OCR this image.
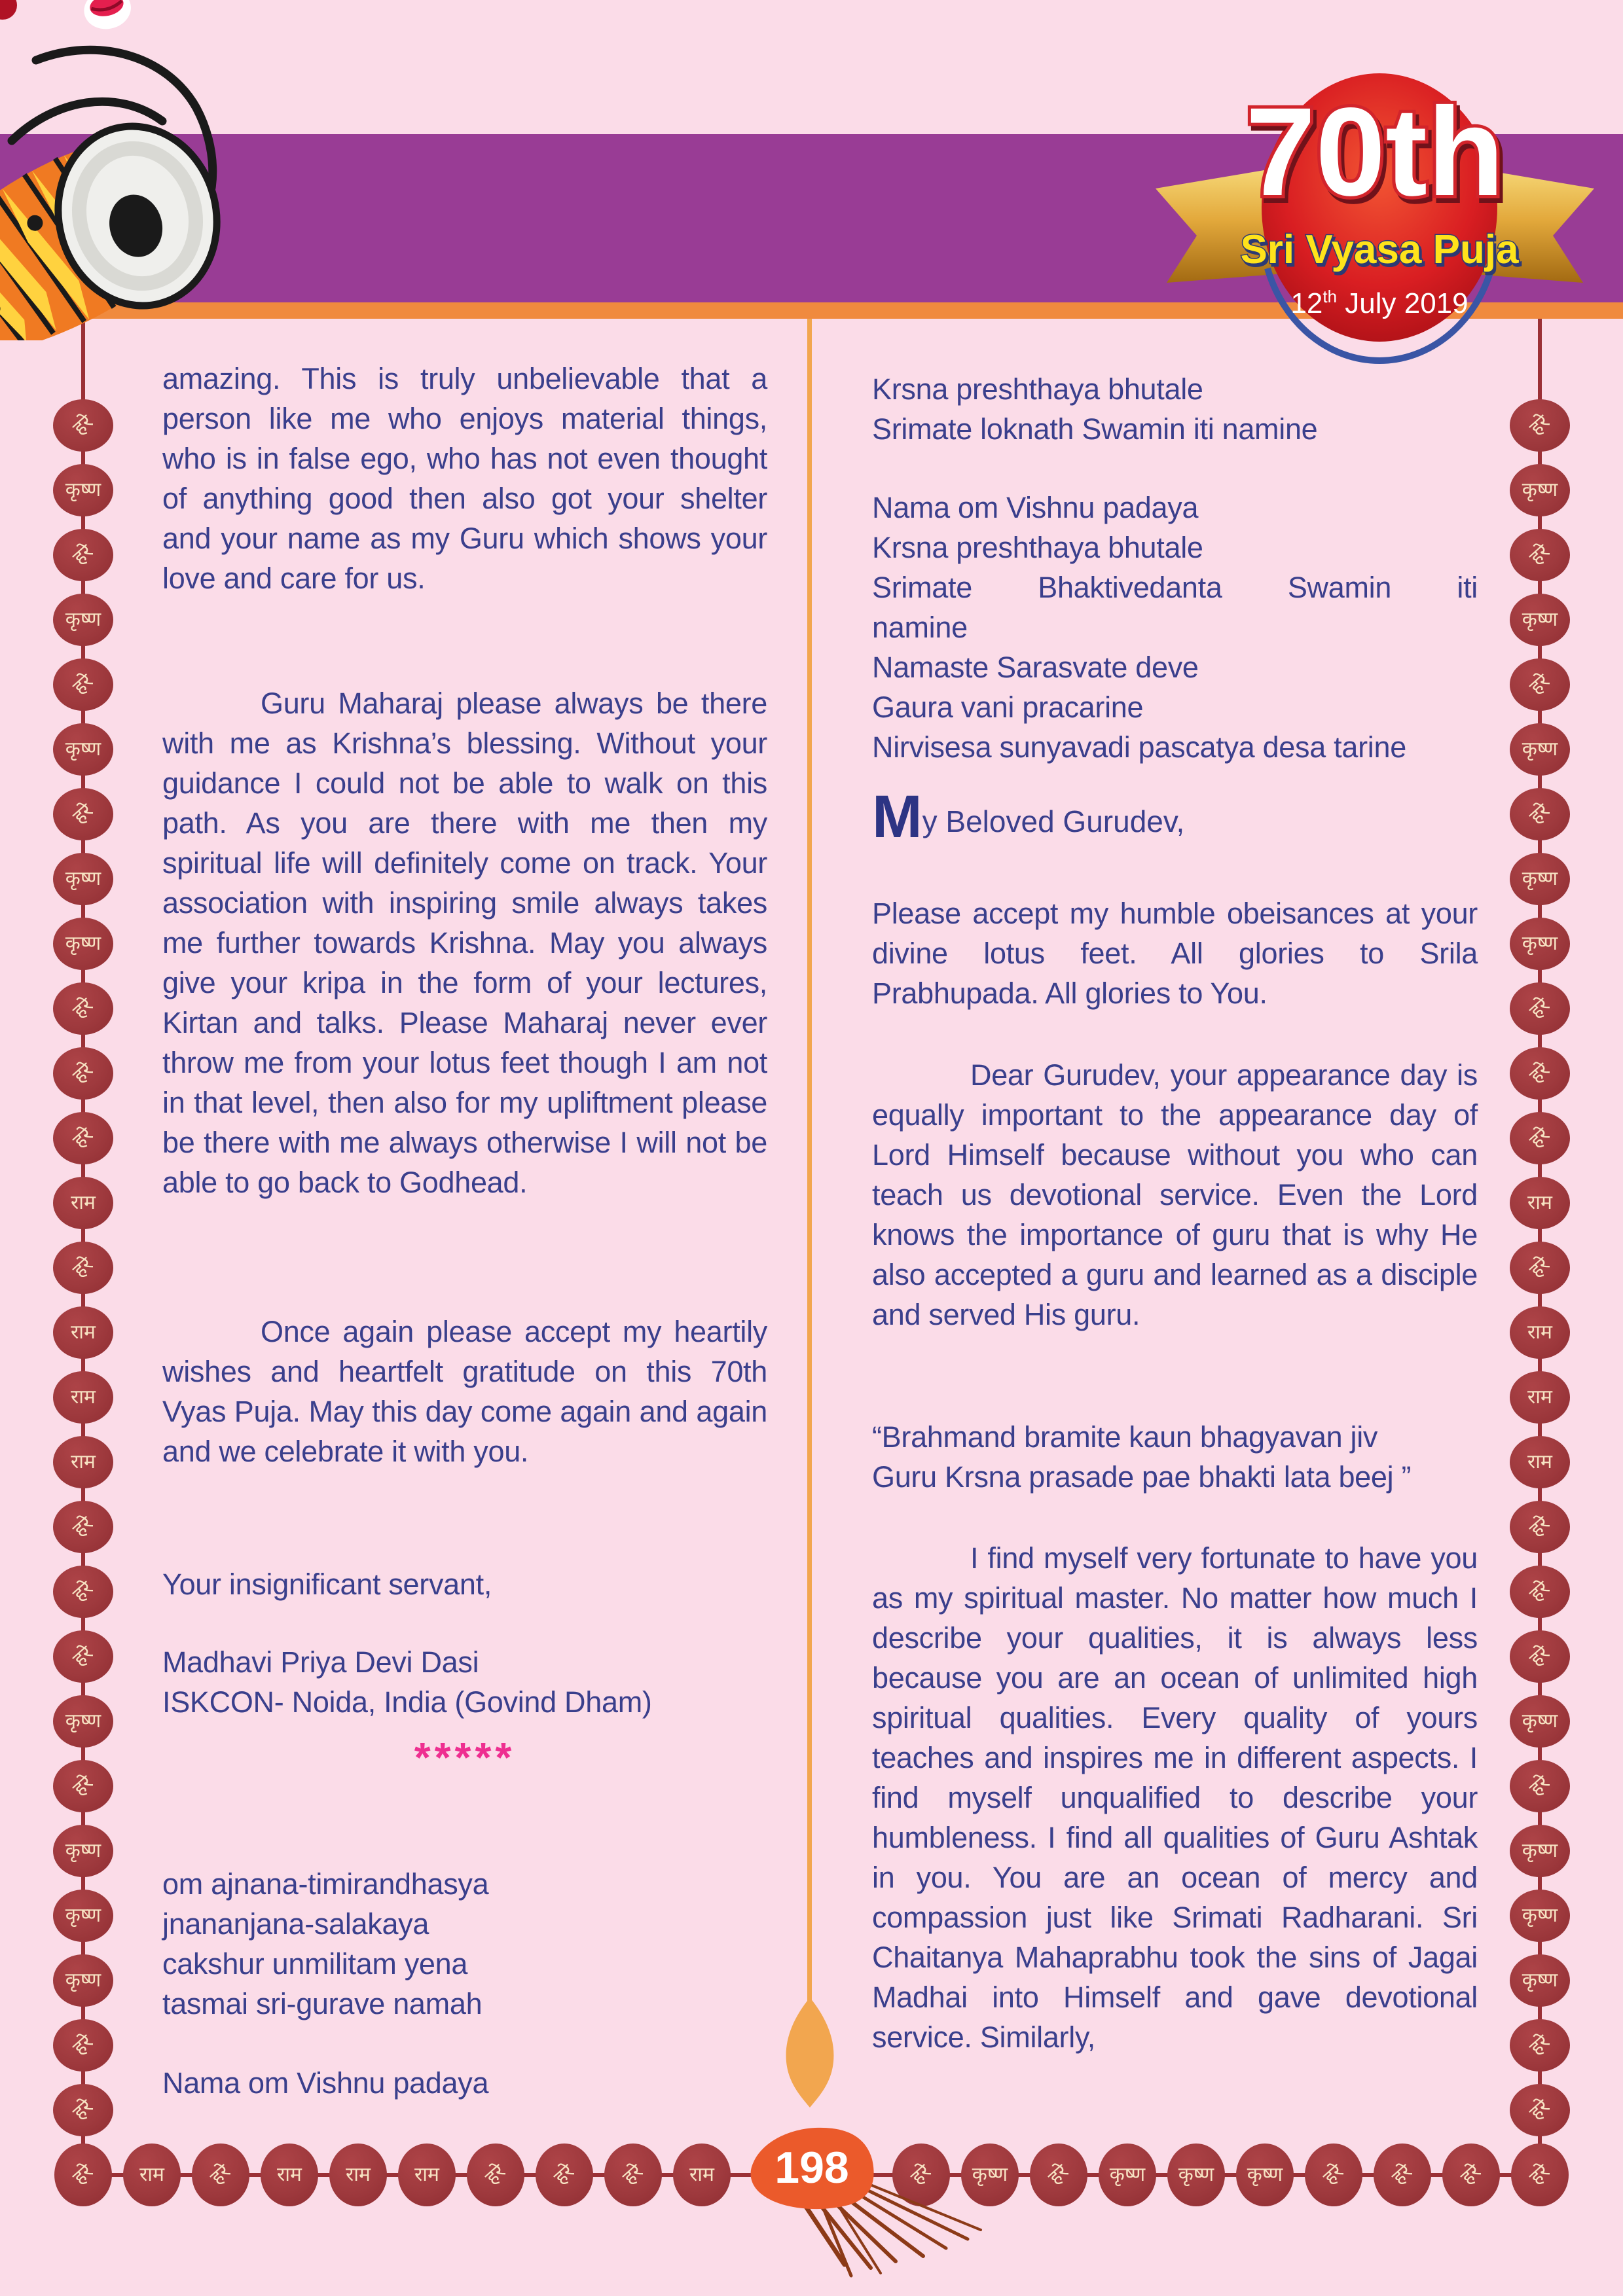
70th
Sri Vyasa Puja
12th July 2019
हरे
कृष्ण
हरे
कृष्ण
हरे
कृष्ण
हरे
कृष्ण
कृष्ण
हरे
हरे
हरे
राम
हरे
राम
राम
राम
हरे
हरे
हरे
कृष्ण
हरे
कृष्ण
कृष्ण
कृष्ण
हरे
हरे
हरे
कृष्ण
हरे
कृष्ण
हरे
कृष्ण
हरे
कृष्ण
कृष्ण
हरे
हरे
हरे
राम
हरे
राम
राम
राम
हरे
हरे
हरे
कृष्ण
हरे
कृष्ण
कृष्ण
कृष्ण
हरे
हरे
हरे राम हरे राम राम राम हरे हरे हरे राम	हरे कृष्ण हरे कृष्ण कृष्ण कृष्ण हरे हरे हरे हरे
198
amazing. This is truly unbelievable that a person like me who enjoys material things, who is in false ego, who has not even thought of anything good then also got your shelter and your name as my Guru which shows your love and care for us.
Guru Maharaj please always be there with me as Krishna’s blessing. Without your guidance I could not be able to walk on this path. As you are there with me then my spiritual life will definitely come on track. Your association with inspiring smile always takes me further towards Krishna. May you always give your kripa in the form of your lectures, Kirtan and talks. Please Maharaj never ever throw me from your lotus feet though I am not in that level, then also for my upliftment please be there with me always otherwise I will not be able to go back to Godhead.
Once again please accept my heartily wishes and heartfelt gratitude on this 70th Vyas Puja. May this day come again and again and we celebrate it with you.
Your insignificant servant,
Madhavi Priya Devi Dasi
ISKCON- Noida, India (Govind Dham)
*****
om ajnana-timirandhasya
jnananjana-salakaya
cakshur unmilitam yena
tasmai sri-gurave namah
Nama om Vishnu padaya
Krsna preshthaya bhutale
Srimate loknath Swamin iti namine
Nama om Vishnu padaya
Krsna preshthaya bhutale
Srimate Bhaktivedanta Swamin iti
namine
Namaste Sarasvate deve
Gaura vani pracarine
Nirvisesa sunyavadi pascatya desa tarine
My Beloved Gurudev,
Please accept my humble obeisances at your divine lotus feet. All glories to Srila Prabhupada. All glories to You.
Dear Gurudev, your appearance day is equally important to the appearance day of Lord Himself because without you who can teach us devotional service. Even the Lord knows the importance of guru that is why He also accepted a guru and learned as a disciple and served His guru.
“Brahmand bramite kaun bhagyavan jiv
Guru Krsna prasade pae bhakti lata beej ”
I find myself very fortunate to have you as my spiritual master. No matter how much I describe your qualities, it is always less because you are an ocean of unlimited high spiritual qualities. Every quality of yours teaches and inspires me in different aspects. I find myself unqualified to describe your humbleness. I find all qualities of Guru Ashtak in you. You are an ocean of mercy and compassion just like Srimati Radharani. Sri Chaitanya Mahaprabhu took the sins of Jagai Madhai into Himself and gave devotional service. Similarly,
